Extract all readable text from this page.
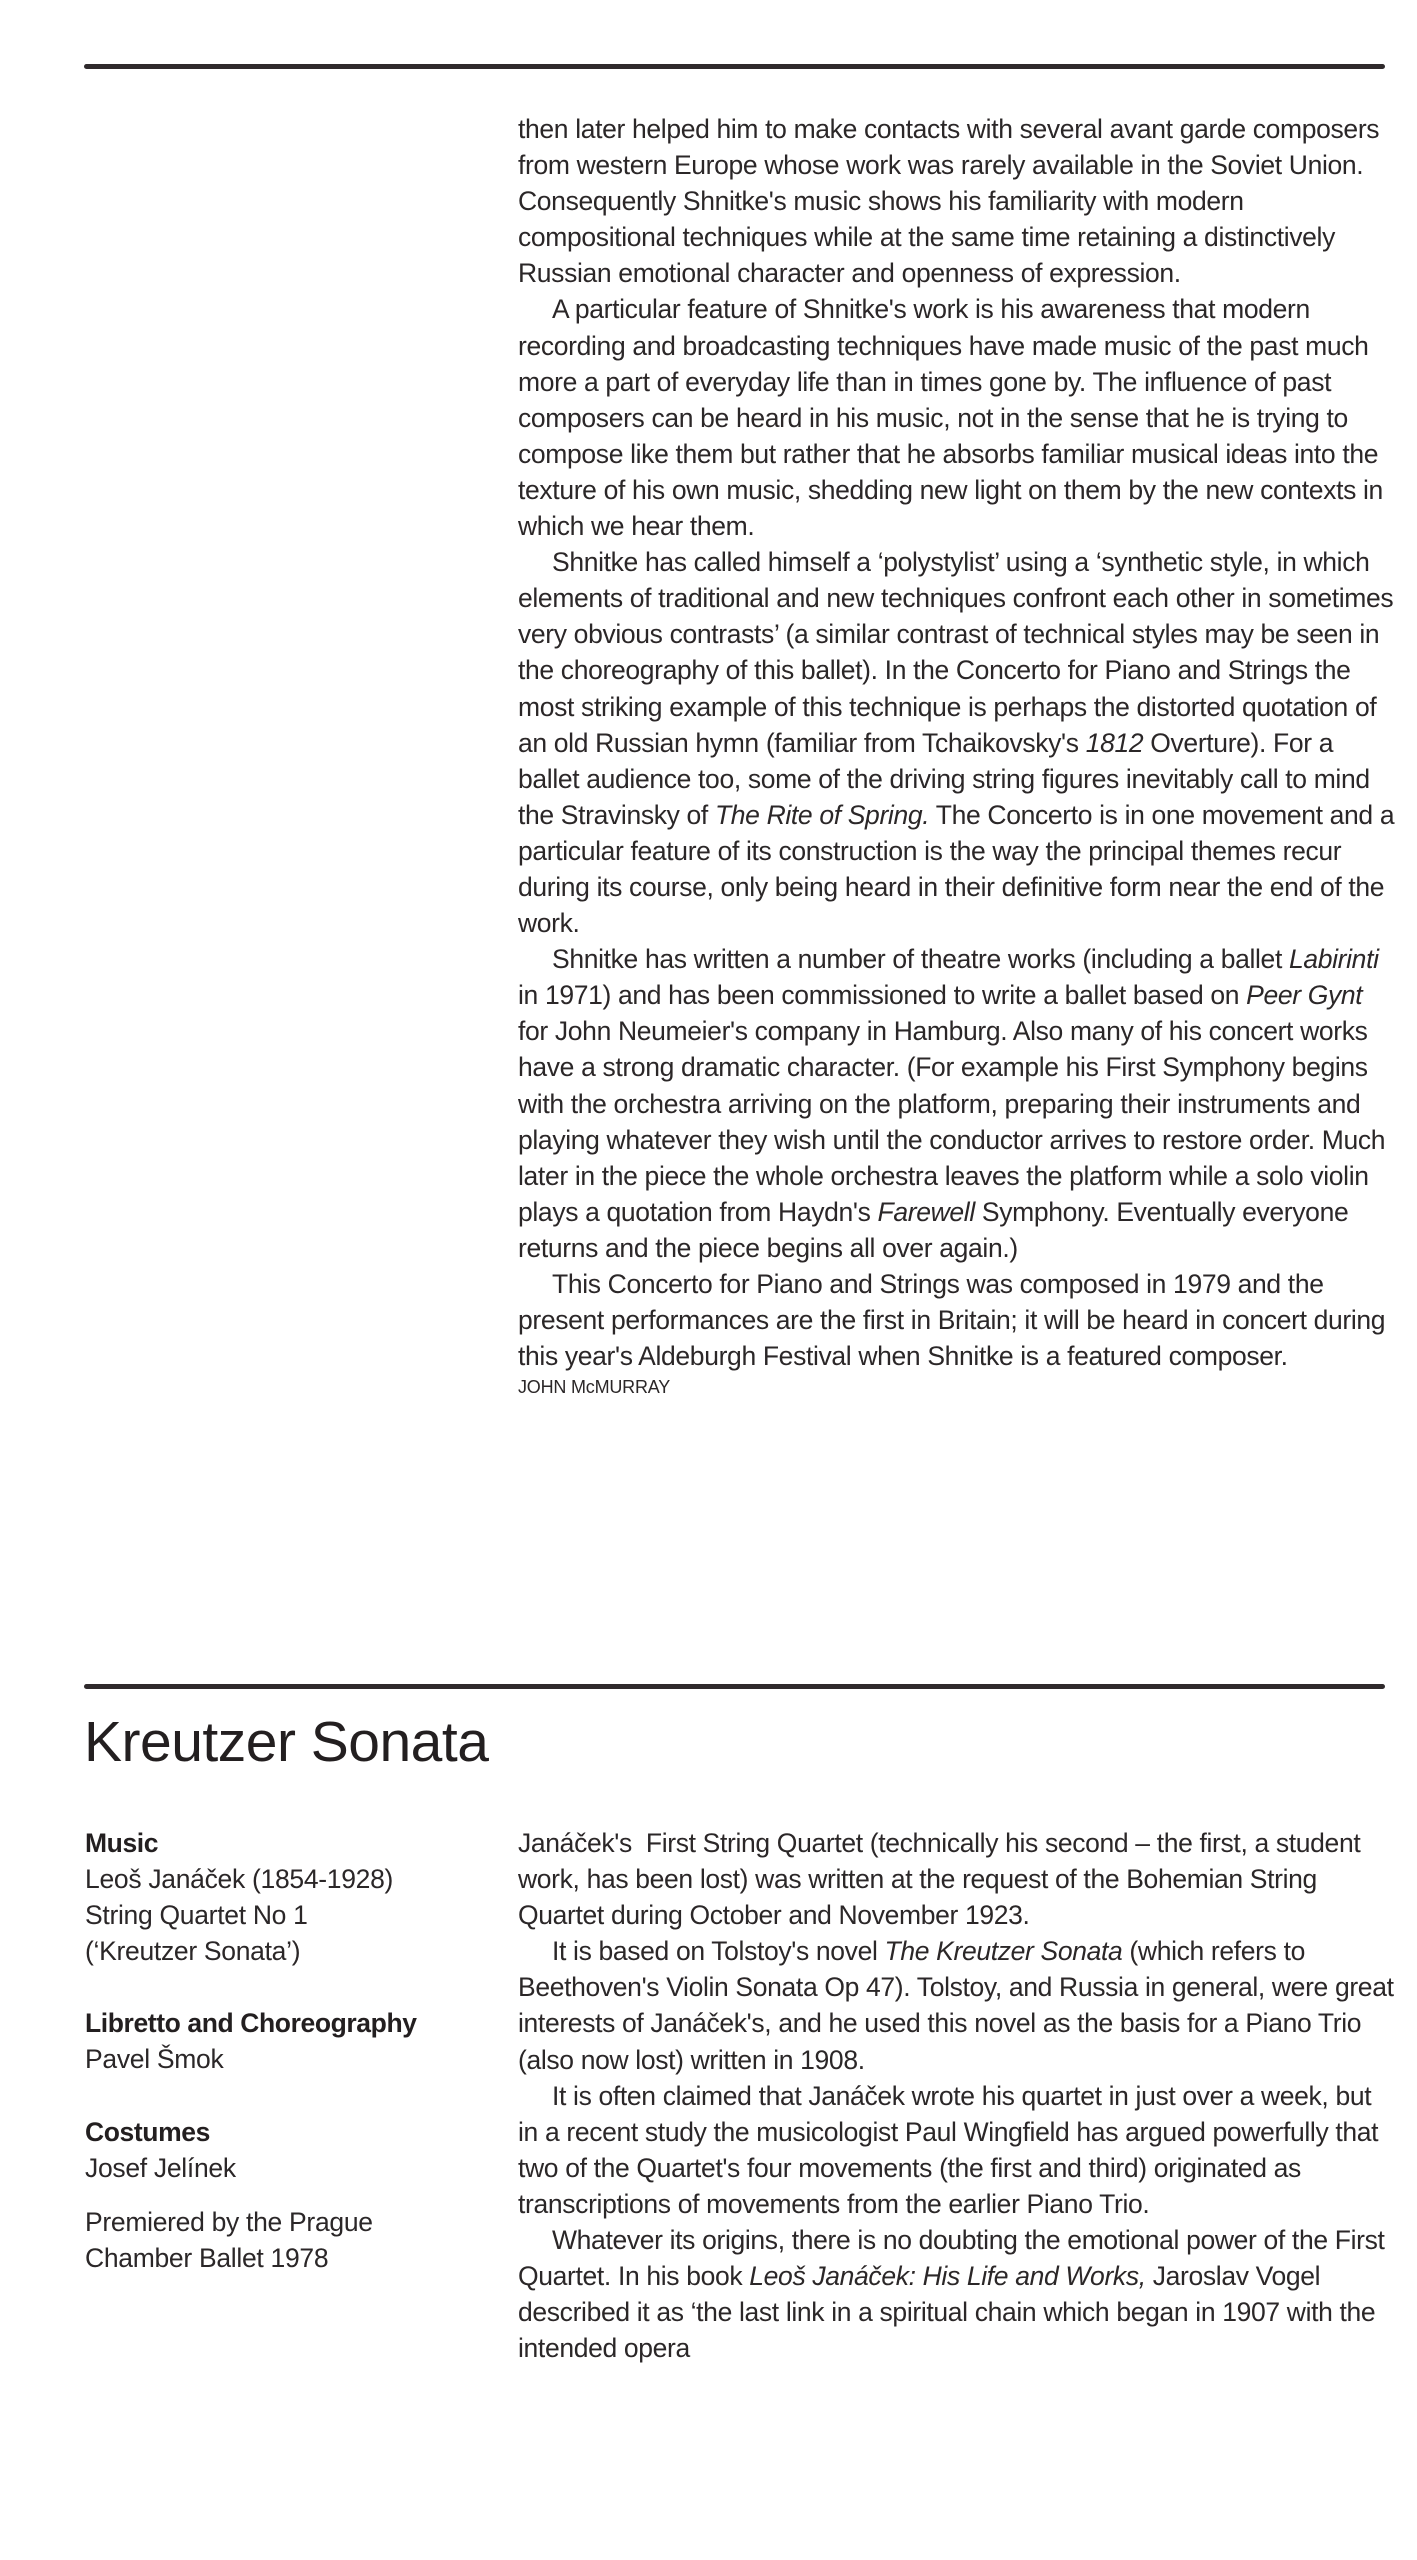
then later helped him to make contacts with several avant garde composers from western Europe whose work was rarely available in the Soviet Union. Consequently Shnitke's music shows his familiarity with modern compositional techniques while at the same time retaining a distinctively Russian emotional character and openness of expression.

A particular feature of Shnitke's work is his awareness that modern recording and broadcasting techniques have made music of the past much more a part of everyday life than in times gone by. The influence of past composers can be heard in his music, not in the sense that he is trying to compose like them but rather that he absorbs familiar musical ideas into the texture of his own music, shedding new light on them by the new contexts in which we hear them.

Shnitke has called himself a ‘polystylist’ using a ‘synthetic style, in which elements of traditional and new techniques confront each other in sometimes very obvious contrasts’ (a similar contrast of technical styles may be seen in the choreography of this ballet). In the Concerto for Piano and Strings the most striking example of this technique is perhaps the distorted quotation of an old Russian hymn (familiar from Tchaikovsky's 1812 Overture). For a ballet audience too, some of the driving string figures inevitably call to mind the Stravinsky of The Rite of Spring. The Concerto is in one movement and a particular feature of its construction is the way the principal themes recur during its course, only being heard in their definitive form near the end of the work.

Shnitke has written a number of theatre works (including a ballet Labirinti in 1971) and has been commissioned to write a ballet based on Peer Gynt for John Neumeier's company in Hamburg. Also many of his concert works have a strong dramatic character. (For example his First Symphony begins with the orchestra arriving on the platform, preparing their instruments and playing whatever they wish until the conductor arrives to restore order. Much later in the piece the whole orchestra leaves the platform while a solo violin plays a quotation from Haydn's Farewell Symphony. Eventually everyone returns and the piece begins all over again.)

This Concerto for Piano and Strings was composed in 1979 and the present performances are the first in Britain; it will be heard in concert during this year's Aldeburgh Festival when Shnitke is a featured composer.

JOHN McMURRAY
Kreutzer Sonata
Music
Leoš Janáček (1854-1928)
String Quartet No 1
(‘Kreutzer Sonata’)
Libretto and Choreography
Pavel Šmok
Costumes
Josef Jelínek
Premiered by the Prague
Chamber Ballet 1978

Janáček's  First String Quartet (technically his second – the first, a student work, has been lost) was written at the request of the Bohemian String Quartet during October and November 1923.

It is based on Tolstoy's novel The Kreutzer Sonata (which refers to Beethoven's Violin Sonata Op 47). Tolstoy, and Russia in general, were great interests of Janáček's, and he used this novel as the basis for a Piano Trio (also now lost) written in 1908.

It is often claimed that Janáček wrote his quartet in just over a week, but in a recent study the musicologist Paul Wingfield has argued powerfully that two of the Quartet's four movements (the first and third) originated as transcriptions of movements from the earlier Piano Trio.

Whatever its origins, there is no doubting the emotional power of the First Quartet. In his book Leoš Janáček: His Life and Works, Jaroslav Vogel described it as ‘the last link in a spiritual chain which began in 1907 with the intended opera
